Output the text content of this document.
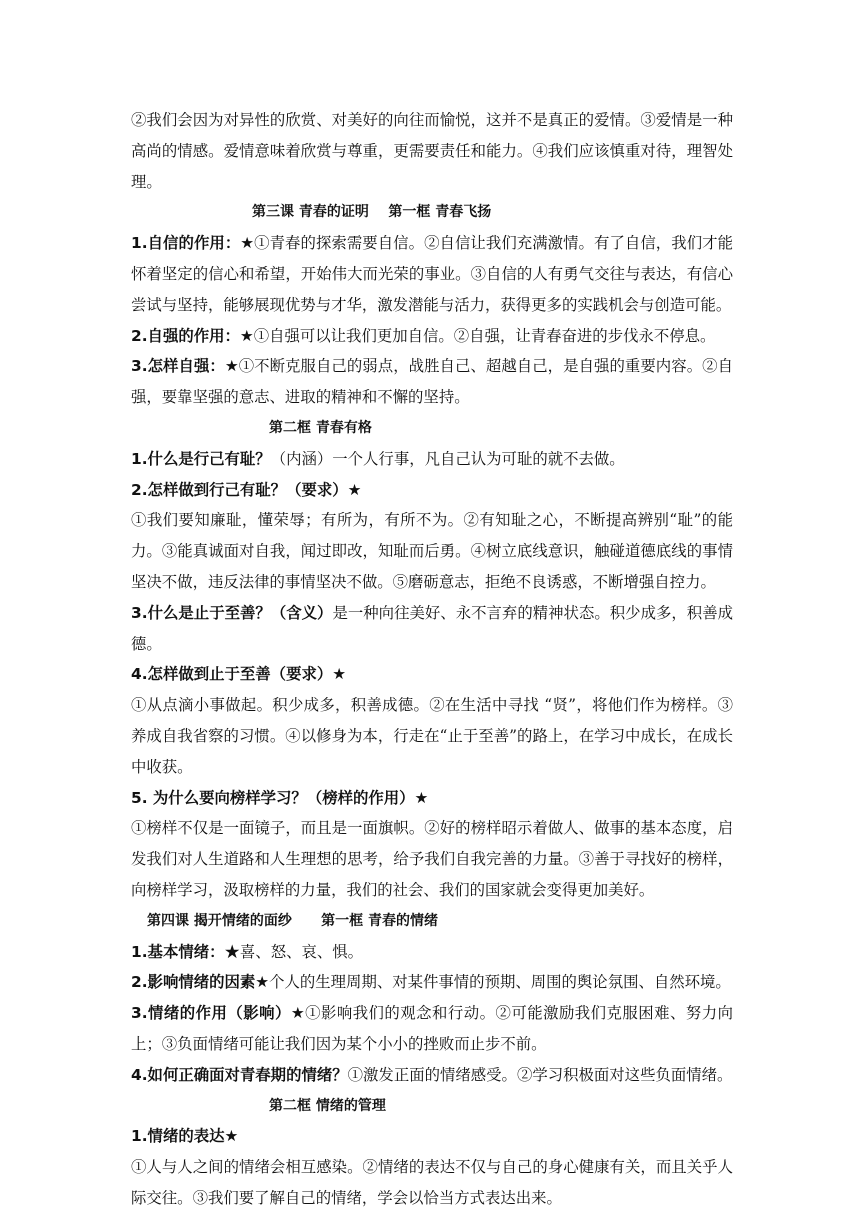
②我们会因为对异性的欣赏、对美好的向往而愉悦，这并不是真正的爱情。③爱情是一种高尚的情感。爱情意味着欣赏与尊重，更需要责任和能力。④我们应该慎重对待，理智处理。

第三课 青春的证明    第一框 青春飞扬

1.自信的作用：★①青春的探索需要自信。②自信让我们充满激情。有了自信，我们才能怀着坚定的信心和希望，开始伟大而光荣的事业。③自信的人有勇气交往与表达，有信心尝试与坚持，能够展现优势与才华，激发潜能与活力，获得更多的实践机会与创造可能。

2.自强的作用：★①自强可以让我们更加自信。②自强，让青春奋进的步伐永不停息。

3.怎样自强：★①不断克服自己的弱点，战胜自己、超越自己，是自强的重要内容。②自强，要靠坚强的意志、进取的精神和不懈的坚持。

第二框 青春有格

1.什么是行己有耻？（内涵）一个人行事，凡自己认为可耻的就不去做。

2.怎样做到行己有耻？（要求）★

①我们要知廉耻，懂荣辱；有所为，有所不为。②有知耻之心，不断提高辨别“耻”的能力。③能真诚面对自我，闻过即改，知耻而后勇。④树立底线意识，触碰道德底线的事情坚决不做，违反法律的事情坚决不做。⑤磨砺意志，拒绝不良诱惑，不断增强自控力。

3.什么是止于至善？（含义）是一种向往美好、永不言弃的精神状态。积少成多，积善成德。

4.怎样做到止于至善（要求）★

①从点滴小事做起。积少成多，积善成德。②在生活中寻找 “贤”，将他们作为榜样。③养成自我省察的习惯。④以修身为本，行走在“止于至善”的路上，在学习中成长，在成长中收获。

5. 为什么要向榜样学习？（榜样的作用）★

①榜样不仅是一面镜子，而且是一面旗帜。②好的榜样昭示着做人、做事的基本态度，启发我们对人生道路和人生理想的思考，给予我们自我完善的力量。③善于寻找好的榜样，向榜样学习，汲取榜样的力量，我们的社会、我们的国家就会变得更加美好。

第四课 揭开情绪的面纱      第一框 青春的情绪

1.基本情绪：★喜、怒、哀、惧。

2.影响情绪的因素★个人的生理周期、对某件事情的预期、周围的舆论氛围、自然环境。

3.情绪的作用（影响）★①影响我们的观念和行动。②可能激励我们克服困难、努力向上；③负面情绪可能让我们因为某个小小的挫败而止步不前。

4.如何正确面对青春期的情绪？①激发正面的情绪感受。②学习积极面对这些负面情绪。

第二框 情绪的管理

1.情绪的表达★

①人与人之间的情绪会相互感染。②情绪的表达不仅与自己的身心健康有关，而且关乎人际交往。③我们要了解自己的情绪，学会以恰当方式表达出来。
